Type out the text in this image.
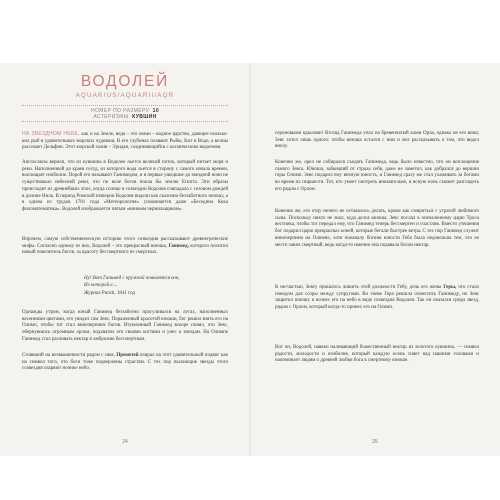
ВОДОЛЕЙ
AQUARIUS/AQUARII/AQR
НОМЕР ПО РАЗМЕРУ: 10
АСТЕРИЗМЫ: КУВШИН

НА ЗВЕЗДНОМ НЕБЕ, как и на Земле, вода – это океан – водное царство, дающее сколько-ких рыб и удивительных морских чудовищ. В его глубинах плавают Рыбы, Кит и Водо, а волны рассекает Дельфин. Этот морской залив – Эридан, соединяющийся с космическим водоемом.

Англосаксы верили, что из кувшина в Водолее льется великий поток, который питает моря и реки. Наполненный до краев сосуд, из которого вода льется в сторону с самого начала времен, воплощает изобилие. Порой его называют Ганимедом, и в первые ушедшие до звездной ночи не существовало небесной реки, что по воле богов поила бы землю Египта. Эти образы происходят из древнейших эпох, когда солнце в созвездии Водолея совпадало с сезоном дождей в долине Нила. В период Римской империи Водолея видели как сказочно беззаботного юношу, а в одном из трудов 1701 года «Метеорология» упоминается даже «Беседина Кока филоматематика». Водолей изображается пятым «винным чернильщиком».

Впрочем, самую собственническую историю этого созвездия рассказывают древнегреческие мифы. Согласно одному из них, Водолей – это прекрасный юноша, Ганимед, которого похитил новый повелитель богов, за красоту бессмертного из смертных.

Ну! Вот Ганимед с кружкой появляется вон,
Из которой в ...
Журнал Punch, 1841 год

Однажды утром, когда юный Ганимед беззаботно прогуливался на лугах, наполненных весенними цветами, его увидел сам Зевс. Пораженный красотой юноши, бог решил взять его на Олимп, чтобы тот стал виночерпием богов. Изумленный Ганимед вскоре понял, что Зевс, обернувшись огромным орлом, подхватил его своими когтями и унес к звездам. На Олимпе Ганимед стал разливать нектар и амброзию бессмертным.

Стоявший на возвышенности рядом с ним, Прометей взирал на этот удивительный подвиг как на символ того, что боги тоже подвержены страстям. С тех пор пылающие звезды этого созвездия озаряют ночное небо.

24

сероновыми крылами! Взгляд Ганимеда упал на бревенчатый клюв Орла, однако не его вина; Зевс хотел лишь одного: чтобы юноша остался с ним и мог рассказывать о том, что видел внизу.

Конечно же, орел не собирался съедать Ганимеда, ведь было известно, что он воплощение самого Зевса. Юноша, забывший от страха себя, даже не заметил, как добрался до вершин горы Олимп. Зевс подарил ему вечную юность, и Ганимед сразу же стал ухаживать за богами во время их пиршеств. Тот, кто умеет смотреть внимательно, в ясную ночь сможет разглядеть его рядом с Орлом.

Конечно же, его отцу ничего не оставалось делать, кроме как смириться с утратой любимого сына. Поскольку никто не знал, куда делся юноша, Зевс послал к опечаленному царю Троса вестника, чтобы тот передал ему, что Ганимед теперь бессмертен и счастлив. Вместо утешения бог подарил царю прекрасных коней, которые бегали быстрее ветра. С тех пор Ганимед служит виночерпием на Олимпе, хотя поначалу богиня юности Геба была недовольна тем, что ее место занял смертный, ведь когда-то именно она подавала богам нектар.

К несчастью, Зевсу пришлось лишить этой должности Гебу, дочь его жены Геры, что стало поводом для ссоры между супругами. Во гневе Гера решила отомстить Ганимеду, но Зевс защитил юношу и вознес его на небо в виде созвездия Водолея. Так он оказался среди звезд, рядом с Орлом, который когда-то принес его на Олимп.

Вот он, Водолей, навеки наливающий божественный нектар из золотого кувшина, — символ радости, молодости и изобилия, который каждую осень сияет над нашими головами и напоминает людям о древней любви бога к смертному юноше.

25
